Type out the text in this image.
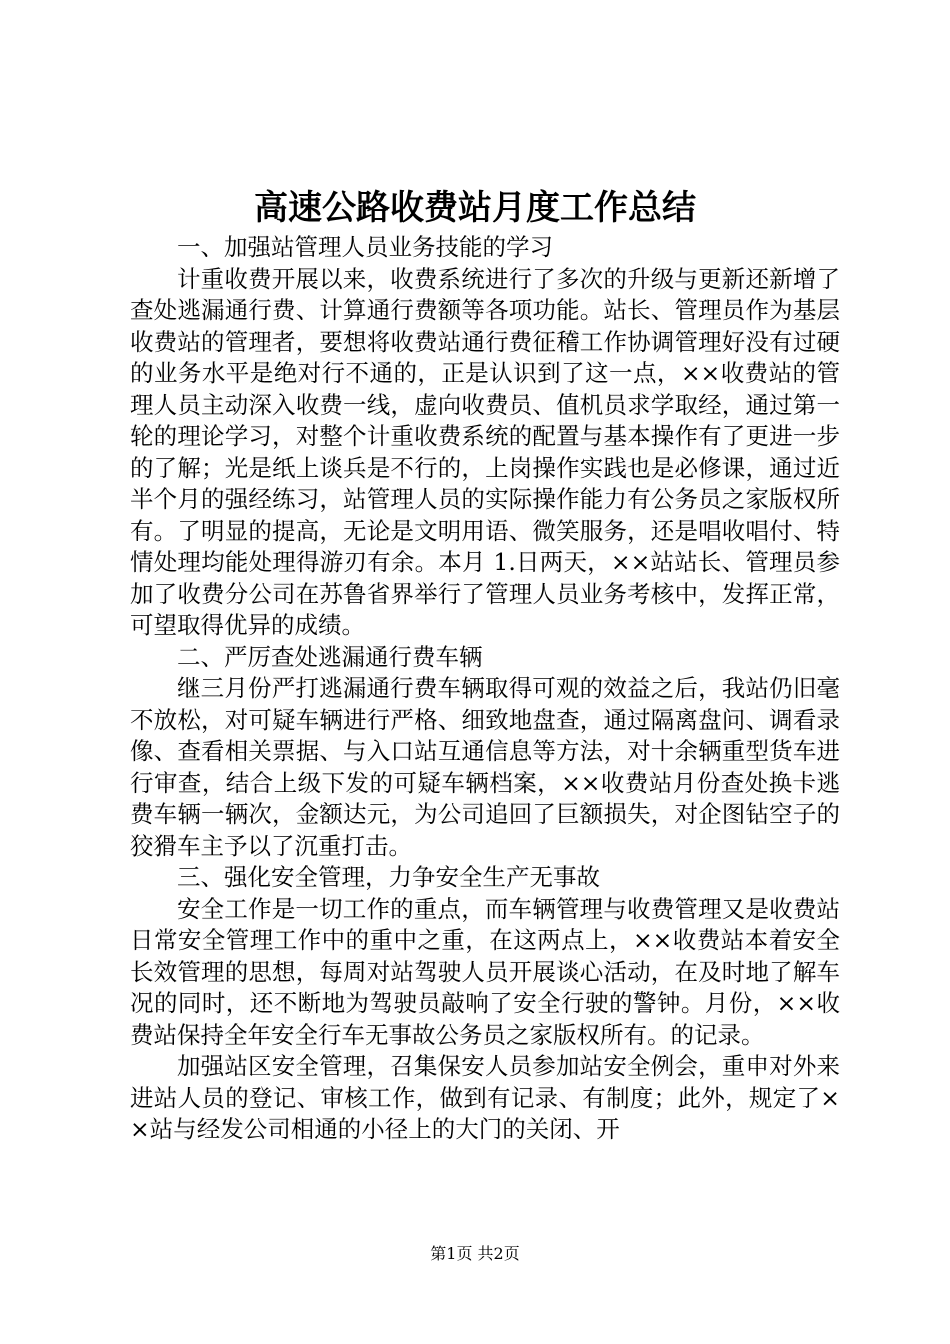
高速公路收费站月度工作总结

一、加强站管理人员业务技能的学习

计重收费开展以来，收费系统进行了多次的升级与更新还新增了查处逃漏通行费、计算通行费额等各项功能。站长、管理员作为基层收费站的管理者，要想将收费站通行费征稽工作协调管理好没有过硬的业务水平是绝对行不通的，正是认识到了这一点，××收费站的管理人员主动深入收费一线，虚向收费员、值机员求学取经，通过第一轮的理论学习，对整个计重收费系统的配置与基本操作有了更进一步的了解；光是纸上谈兵是不行的，上岗操作实践也是必修课，通过近半个月的强经练习，站管理人员的实际操作能力有公务员之家版权所有。了明显的提高，无论是文明用语、微笑服务，还是唱收唱付、特情处理均能处理得游刃有余。本月 1.日两天，××站站长、管理员参加了收费分公司在苏鲁省界举行了管理人员业务考核中，发挥正常，可望取得优异的成绩。

二、严厉查处逃漏通行费车辆

继三月份严打逃漏通行费车辆取得可观的效益之后，我站仍旧毫不放松，对可疑车辆进行严格、细致地盘查，通过隔离盘问、调看录像、查看相关票据、与入口站互通信息等方法，对十余辆重型货车进行审查，结合上级下发的可疑车辆档案，××收费站月份查处换卡逃费车辆一辆次，金额达元，为公司追回了巨额损失，对企图钻空子的狡猾车主予以了沉重打击。

三、强化安全管理，力争安全生产无事故

安全工作是一切工作的重点，而车辆管理与收费管理又是收费站日常安全管理工作中的重中之重，在这两点上，××收费站本着安全长效管理的思想，每周对站驾驶人员开展谈心活动，在及时地了解车况的同时，还不断地为驾驶员敲响了安全行驶的警钟。月份，××收费站保持全年安全行车无事故公务员之家版权所有。的记录。

加强站区安全管理，召集保安人员参加站安全例会，重申对外来进站人员的登记、审核工作，做到有记录、有制度；此外，规定了××站与经发公司相通的小径上的大门的关闭、开

第1页 共2页
